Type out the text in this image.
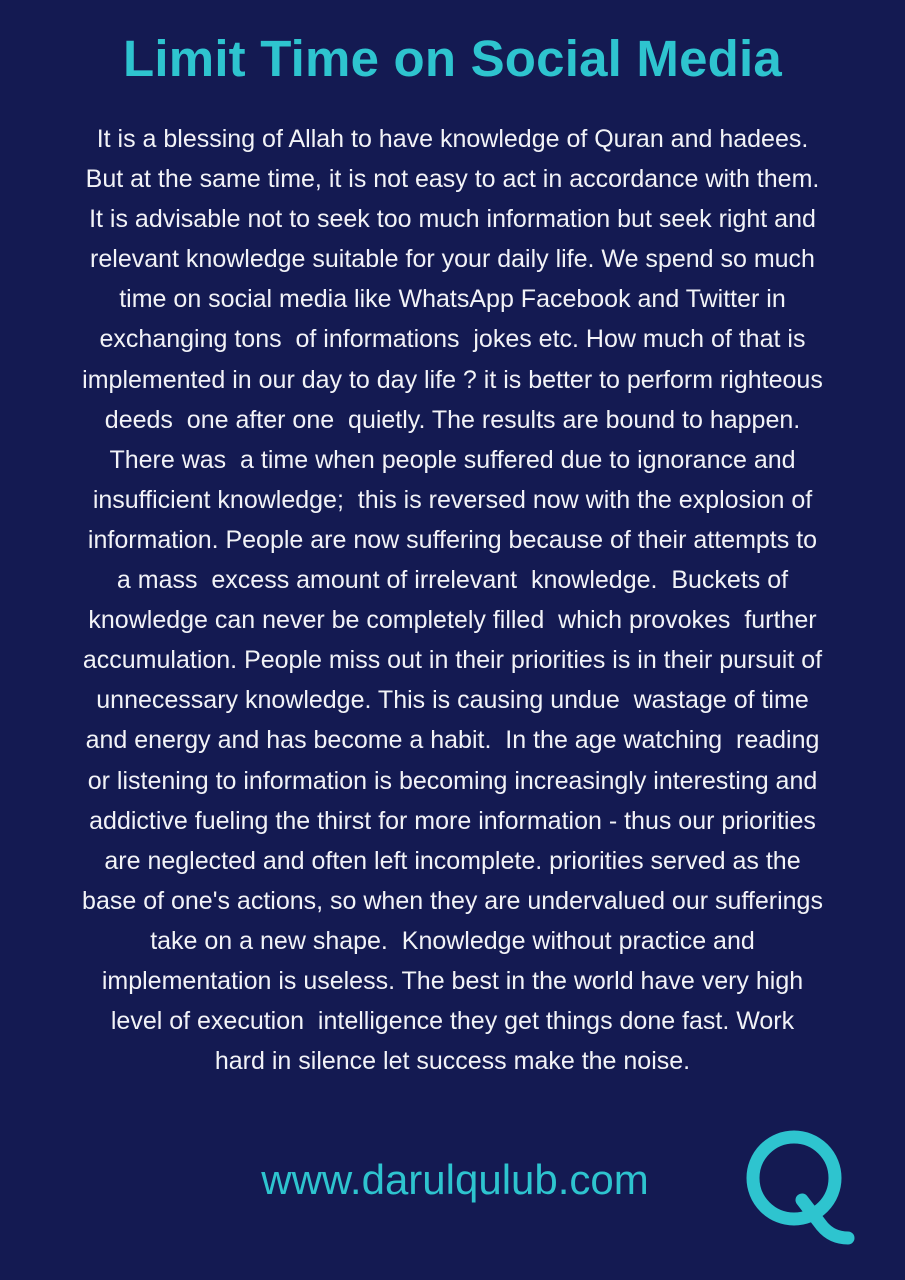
Limit Time on Social Media
It is a blessing of Allah to have knowledge of Quran and hadees.
But at the same time, it is not easy to act in accordance with them.
It is advisable not to seek too much information but seek right and
relevant knowledge suitable for your daily life. We spend so much
time on social media like WhatsApp Facebook and Twitter in
exchanging tons  of informations  jokes etc. How much of that is
implemented in our day to day life ? it is better to perform righteous
deeds  one after one  quietly. The results are bound to happen.
There was  a time when people suffered due to ignorance and
insufficient knowledge;  this is reversed now with the explosion of
information. People are now suffering because of their attempts to
a mass  excess amount of irrelevant  knowledge.  Buckets of
knowledge can never be completely filled  which provokes  further
accumulation. People miss out in their priorities is in their pursuit of
unnecessary knowledge. This is causing undue  wastage of time
and energy and has become a habit.  In the age watching  reading
or listening to information is becoming increasingly interesting and
addictive fueling the thirst for more information - thus our priorities
are neglected and often left incomplete. priorities served as the
base of one's actions, so when they are undervalued our sufferings
take on a new shape.  Knowledge without practice and
implementation is useless. The best in the world have very high
level of execution  intelligence they get things done fast. Work
hard in silence let success make the noise.
www.darulqulub.com
